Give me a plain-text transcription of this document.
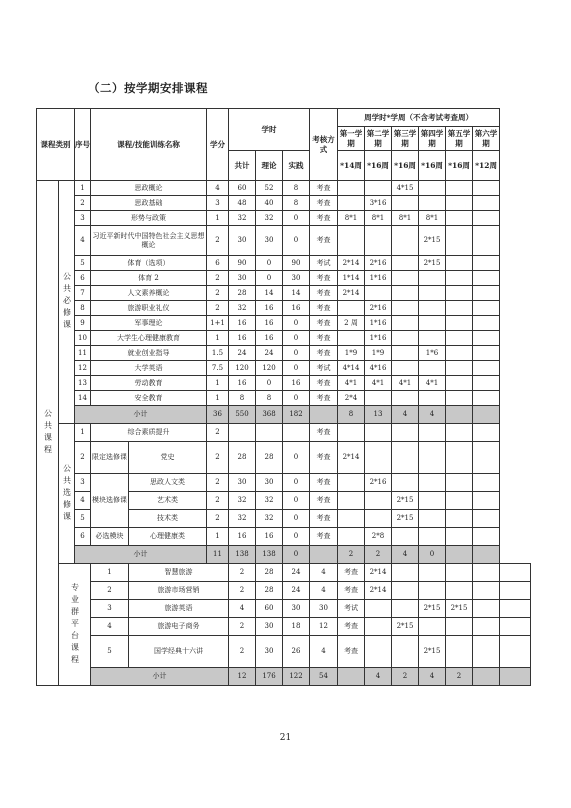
（二）按学期安排课程
课程类别		序号	课程/技能训练名称		学分	学时			考核方式	周学时*学周（不含考试考查周）						
										第一学期	第二学期	第三学期	第四学期	第五学期	第六学期	
						共计	理论	实践		*14周	*16周	*16周	*16周	*16周	*12周	
公共课程	公共必修课	1	思政概论		4	60	52	8	考查			4*15				
		2	思政基础		3	48	40	8	考查		3*16					
		3	形势与政策		1	32	32	0	考查	8*1	8*1	8*1	8*1			
		4	习近平新时代中国特色社会主义思想概论		2	30	30	0	考查				2*15			
		5	体育（选项）		6	90	0	90	考试	2*14	2*16		2*15			
		6	体育 2		2	30	0	30	考查	1*14	1*16					
		7	人文素养概论		2	28	14	14	考查	2*14						
		8	旅游职业礼仪		2	32	16	16	考查		2*16					
		9	军事理论		1+1	16	16	0	考查	2 周	1*16					
		10	大学生心理健康教育		1	16	16	0	考查		1*16					
		11	就业创业指导		1.5	24	24	0	考查	1*9	1*9		1*6			
		12	大学英语		7.5	120	120	0	考试	4*14	4*16					
		13	劳动教育		1	16	0	16	考查	4*1	4*1	4*1	4*1			
		14	安全教育		1	8	8	0	考查	2*4						
		小计			36	550	368	182		8	13	4	4			
	公共选修课	1	综合素质提升		2				考查							
		2	限定选修课	党史	2	28	28	0	考查	2*14						
		3	模块选修课	思政人文类	2	30	30	0	考查		2*16					
		4		艺术类	2	32	32	0	考查			2*15				
		5		技术类	2	32	32	0	考查			2*15				
		6	必选模块	心理健康类	1	16	16	0	考查		2*8					
		小计			11	138	138	0		2	2	4	0			
	专业群平台课程		1	智慧旅游		2	28	24	4	考查	2*14					
			2	旅游市场营销		2	28	24	4	考查	2*14					
			3	旅游英语		4	60	30	30	考试			2*15	2*15		
			4	旅游电子商务		2	30	18	12	考查		2*15				
			5	国学经典十六讲		2	30	26	4	考查			2*15			
			小计			12	176	122	54		4	2	4	2		
21
